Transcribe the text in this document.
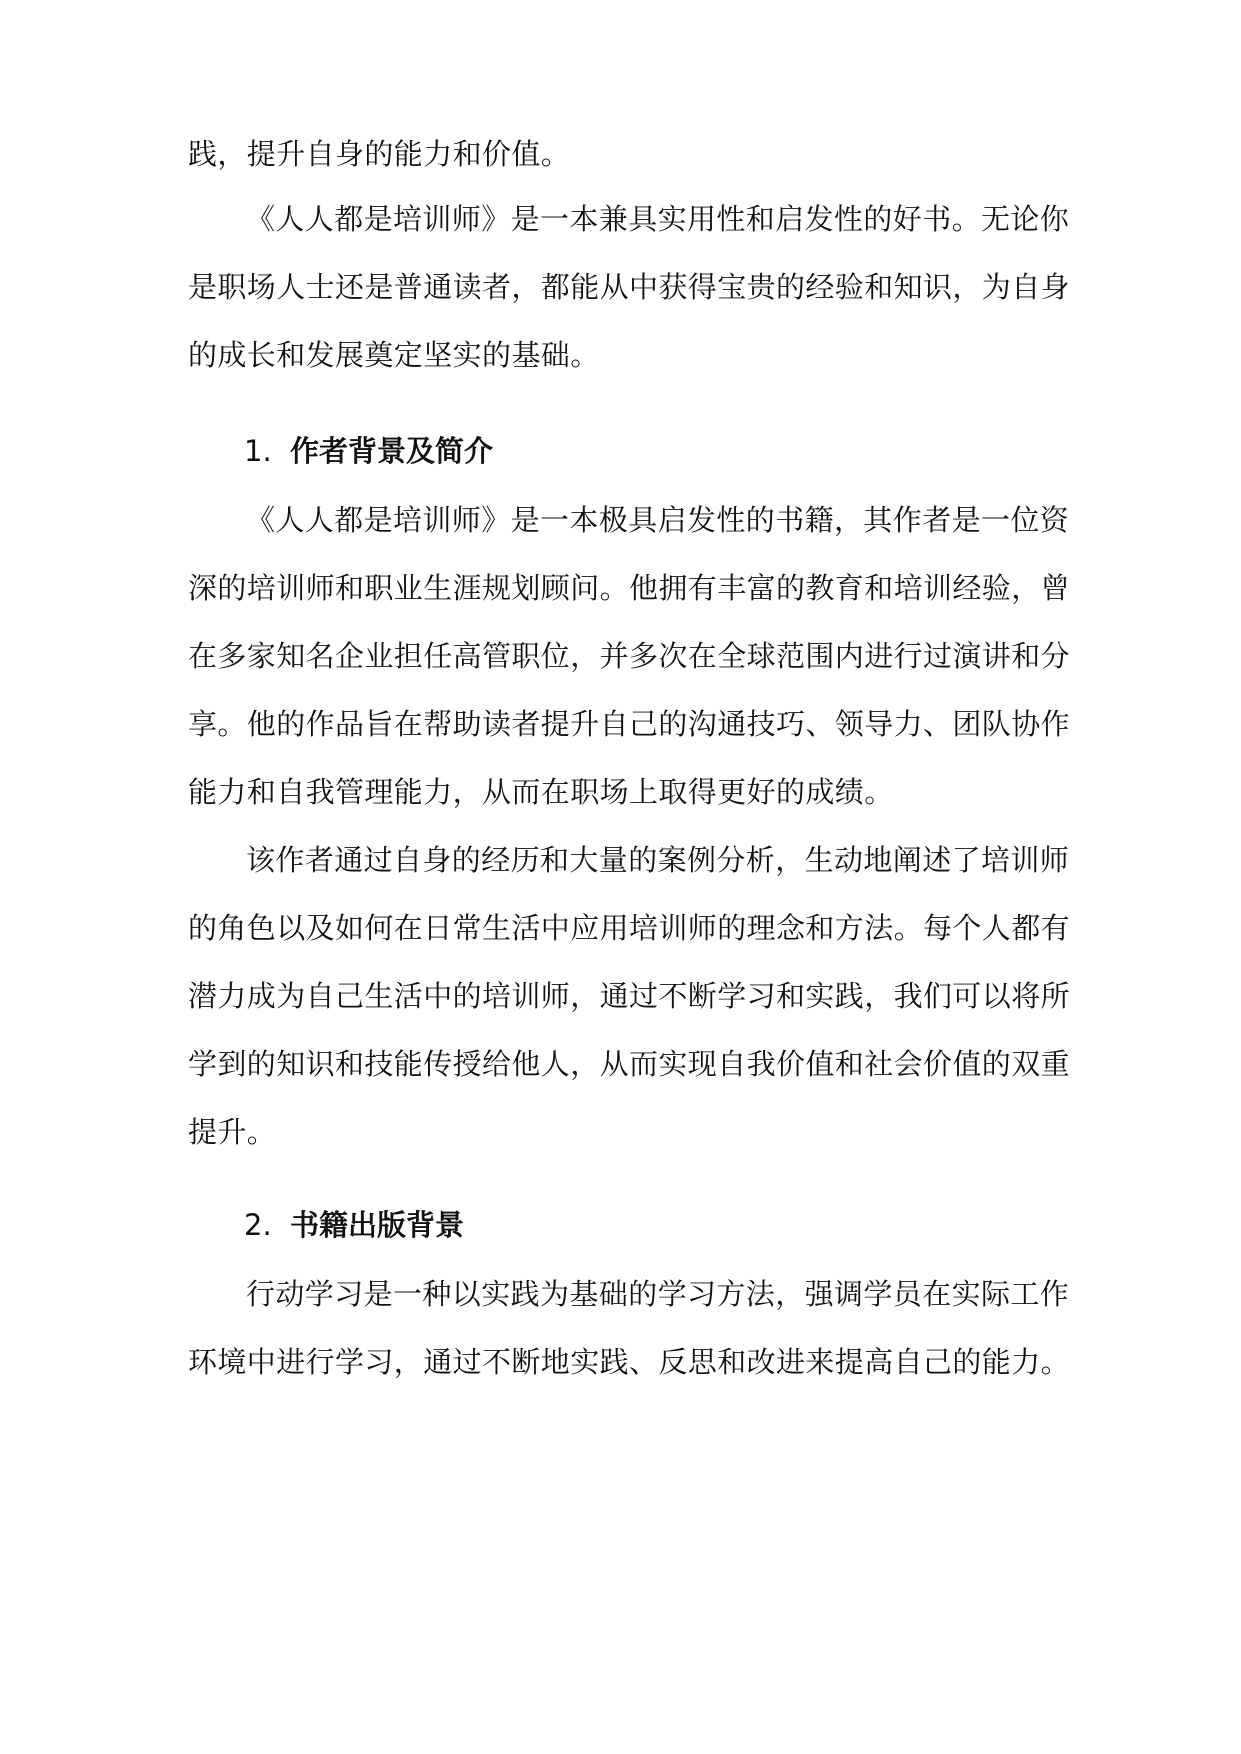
践，提升自身的能力和价值。
《人人都是培训师》是一本兼具实用性和启发性的好书。无论你
是职场人士还是普通读者，都能从中获得宝贵的经验和知识，为自身
的成长和发展奠定坚实的基础。
1. 作者背景及简介
《人人都是培训师》是一本极具启发性的书籍，其作者是一位资
深的培训师和职业生涯规划顾问。他拥有丰富的教育和培训经验，曾
在多家知名企业担任高管职位，并多次在全球范围内进行过演讲和分
享。他的作品旨在帮助读者提升自己的沟通技巧、领导力、团队协作
能力和自我管理能力，从而在职场上取得更好的成绩。
该作者通过自身的经历和大量的案例分析，生动地阐述了培训师
的角色以及如何在日常生活中应用培训师的理念和方法。每个人都有
潜力成为自己生活中的培训师，通过不断学习和实践，我们可以将所
学到的知识和技能传授给他人，从而实现自我价值和社会价值的双重
提升。
2. 书籍出版背景
行动学习是一种以实践为基础的学习方法，强调学员在实际工作
环境中进行学习，通过不断地实践、反思和改进来提高自己的能力。
